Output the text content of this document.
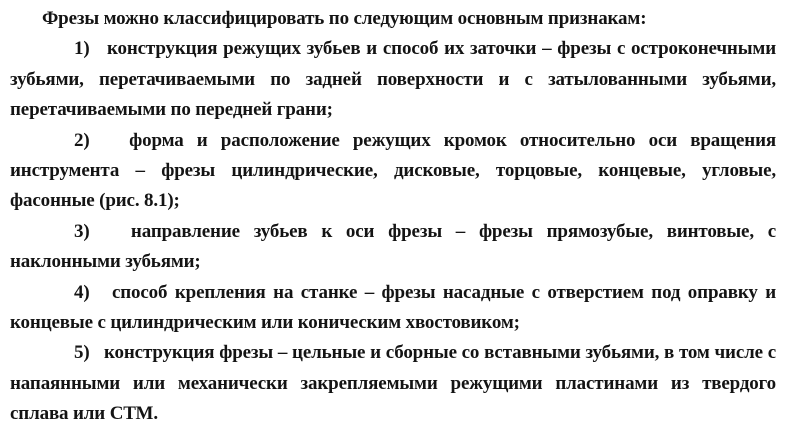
Фрезы можно классифицировать по следующим основным признакам:

1) конструкция режущих зубьев и способ их заточки – фрезы с остроконечными зубьями, перетачиваемыми по задней поверхности и с затылованными зубьями, перетачиваемыми по передней грани;

2) форма и расположение режущих кромок относительно оси вращения инструмента – фрезы цилиндрические, дисковые, торцовые, концевые, угловые, фасонные (рис. 8.1);

3) направление зубьев к оси фрезы – фрезы прямозубые, винтовые, с наклонными зубьями;

4) способ крепления на станке – фрезы насадные с отверстием под оправку и концевые с цилиндрическим или коническим хвостовиком;

5) конструкция фрезы – цельные и сборные со вставными зубьями, в том числе с напаянными или механически закрепляемыми режущими пластинами из твердого сплава или СТМ.
